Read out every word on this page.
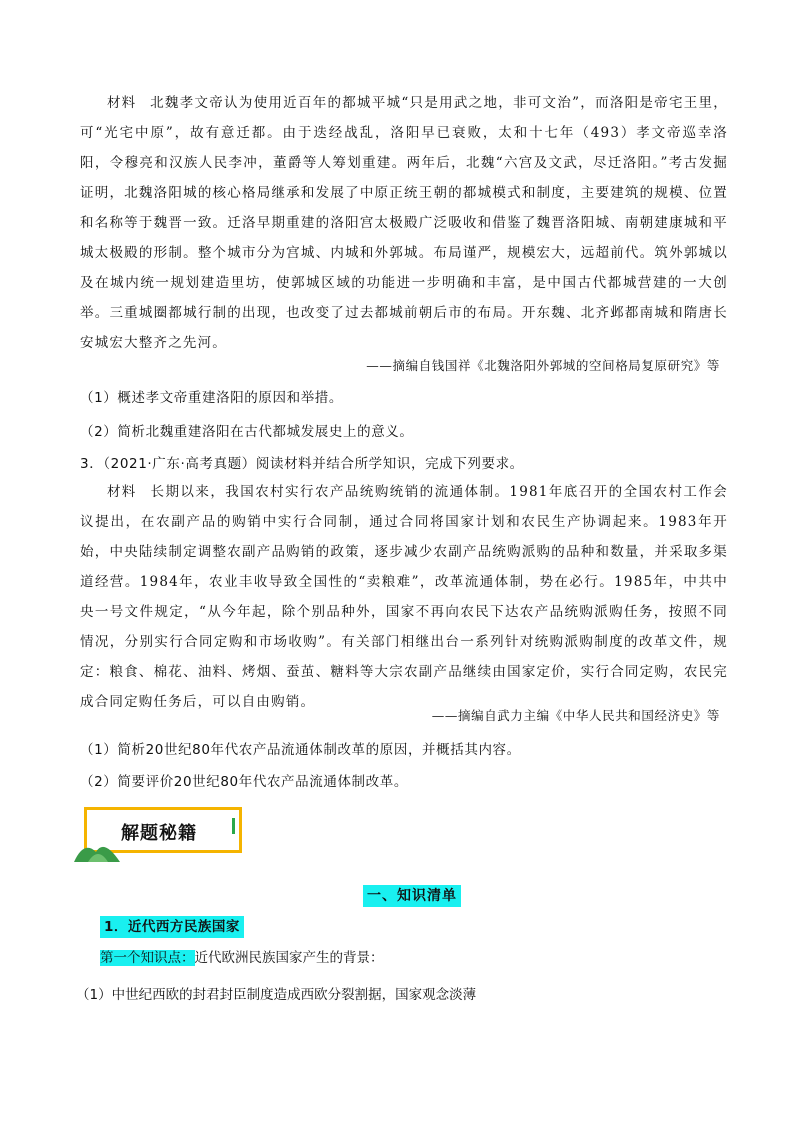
材料 北魏孝文帝认为使用近百年的都城平城“只是用武之地，非可文治”，而洛阳是帝宅王里，可“光宅中原”，故有意迁都。由于迭经战乱，洛阳早已衰败，太和十七年（493）孝文帝巡幸洛阳，令穆亮和汉族人民李冲，董爵等人筹划重建。两年后，北魏“六宫及文武，尽迁洛阳。”考古发掘证明，北魏洛阳城的核心格局继承和发展了中原正统王朝的都城模式和制度，主要建筑的规模、位置和名称等于魏晋一致。迁洛早期重建的洛阳宫太极殿广泛吸收和借鉴了魏晋洛阳城、南朝建康城和平城太极殿的形制。整个城市分为宫城、内城和外郭城。布局谨严，规模宏大，远超前代。筑外郭城以及在城内统一规划建造里坊，使郭城区域的功能进一步明确和丰富，是中国古代都城营建的一大创举。三重城圈都城行制的出现，也改变了过去都城前朝后市的布局。开东魏、北齐邺都南城和隋唐长安城宏大整齐之先河。

——摘编自钱国祥《北魏洛阳外郭城的空间格局复原研究》等
（1）概述孝文帝重建洛阳的原因和举措。
（2）简析北魏重建洛阳在古代都城发展史上的意义。
3．（2021·广东·高考真题）阅读材料并结合所学知识，完成下列要求。

材料 长期以来，我国农村实行农产品统购统销的流通体制。1981年底召开的全国农村工作会议提出，在农副产品的购销中实行合同制，通过合同将国家计划和农民生产协调起来。1983年开始，中央陆续制定调整农副产品购销的政策，逐步减少农副产品统购派购的品种和数量，并采取多渠道经营。1984年，农业丰收导致全国性的“卖粮难”，改革流通体制，势在必行。1985年，中共中央一号文件规定，“从今年起，除个别品种外，国家不再向农民下达农产品统购派购任务，按照不同情况，分别实行合同定购和市场收购”。有关部门相继出台一系列针对统购派购制度的改革文件，规定：粮食、棉花、油料、烤烟、蚕茧、糖料等大宗农副产品继续由国家定价，实行合同定购，农民完成合同定购任务后，可以自由购销。

——摘编自武力主编《中华人民共和国经济史》等
（1）简析20世纪80年代农产品流通体制改革的原因，并概括其内容。
（2）简要评价20世纪80年代农产品流通体制改革。
解题秘籍
一、知识清单
1．近代西方民族国家
第一个知识点：近代欧洲民族国家产生的背景：
（1）中世纪西欧的封君封臣制度造成西欧分裂割据，国家观念淡薄
